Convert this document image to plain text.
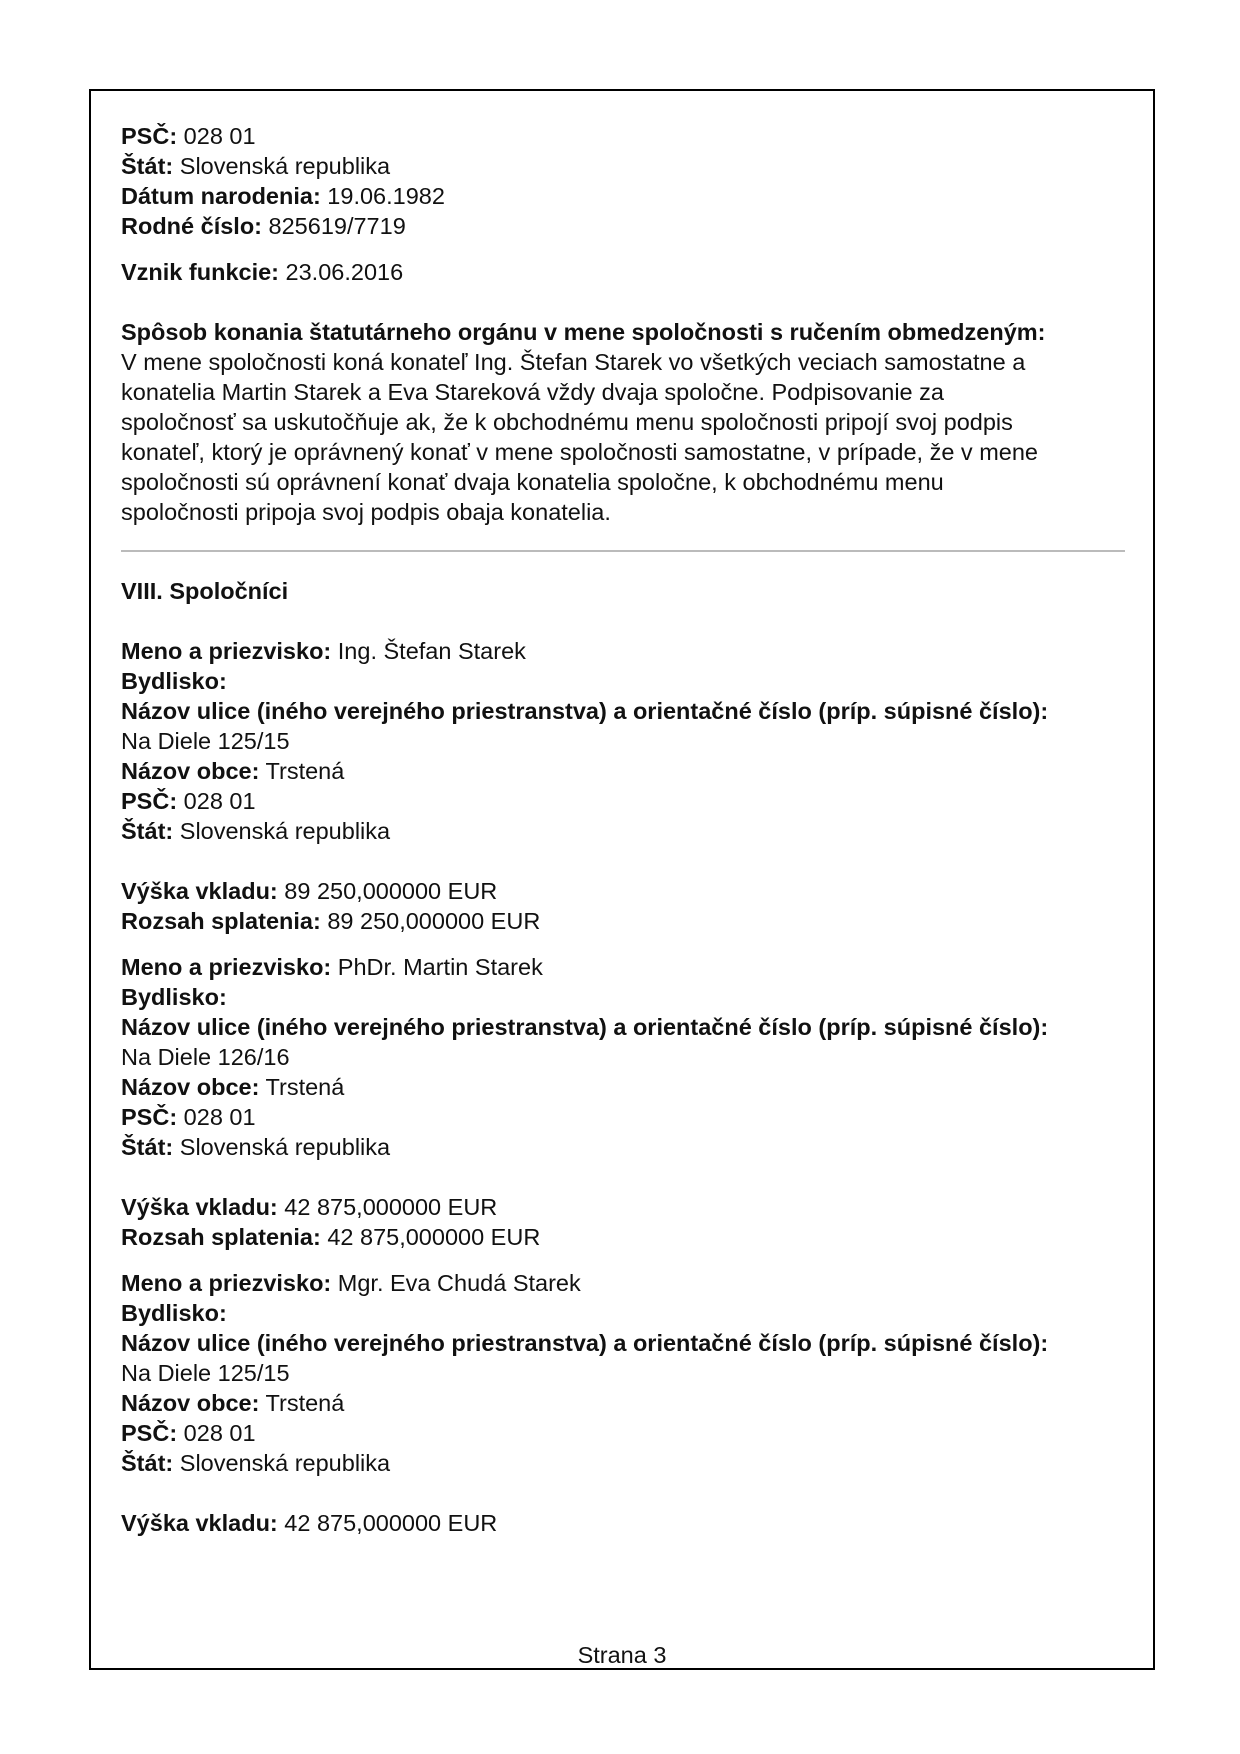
PSČ: 028 01
Štát: Slovenská republika
Dátum narodenia: 19.06.1982
Rodné číslo: 825619/7719
Vznik funkcie: 23.06.2016
Spôsob konania štatutárneho orgánu v mene spoločnosti s ručením obmedzeným:
V mene spoločnosti koná konateľ Ing. Štefan Starek vo všetkých veciach samostatne a
konatelia Martin Starek a Eva Stareková vždy dvaja spoločne. Podpisovanie za
spoločnosť sa uskutočňuje ak, že k obchodnému menu spoločnosti pripojí svoj podpis
konateľ, ktorý je oprávnený konať v mene spoločnosti samostatne, v prípade, že v mene
spoločnosti sú oprávnení konať dvaja konatelia spoločne, k obchodnému menu
spoločnosti pripoja svoj podpis obaja konatelia.
VIII. Spoločníci
Meno a priezvisko: Ing. Štefan Starek
Bydlisko:
Názov ulice (iného verejného priestranstva) a orientačné číslo (príp. súpisné číslo):
Na Diele 125/15
Názov obce: Trstená
PSČ: 028 01
Štát: Slovenská republika
Výška vkladu: 89 250,000000 EUR
Rozsah splatenia: 89 250,000000 EUR
Meno a priezvisko: PhDr. Martin Starek
Bydlisko:
Názov ulice (iného verejného priestranstva) a orientačné číslo (príp. súpisné číslo):
Na Diele 126/16
Názov obce: Trstená
PSČ: 028 01
Štát: Slovenská republika
Výška vkladu: 42 875,000000 EUR
Rozsah splatenia: 42 875,000000 EUR
Meno a priezvisko: Mgr. Eva Chudá Starek
Bydlisko:
Názov ulice (iného verejného priestranstva) a orientačné číslo (príp. súpisné číslo):
Na Diele 125/15
Názov obce: Trstená
PSČ: 028 01
Štát: Slovenská republika
Výška vkladu: 42 875,000000 EUR
Strana 3
